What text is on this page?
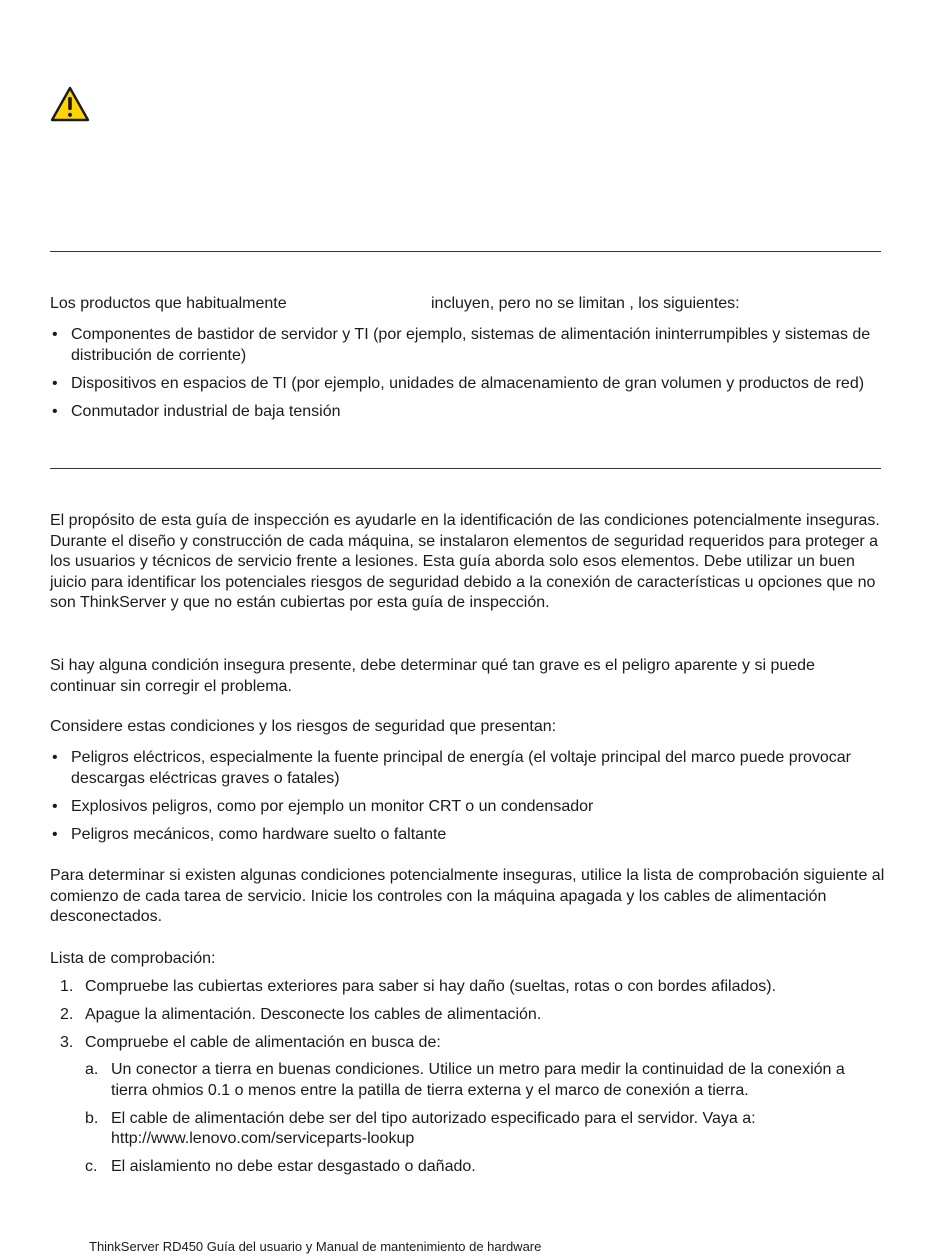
Los productos que habitualmente	incluyen, pero no se limitan , los siguientes:
• Componentes de bastidor de servidor y TI (por ejemplo, sistemas de alimentación ininterrumpibles y sistemas de distribución de corriente)
• Dispositivos en espacios de TI (por ejemplo, unidades de almacenamiento de gran volumen y productos de red)
• Conmutador industrial de baja tensión
El propósito de esta guía de inspección es ayudarle en la identificación de las condiciones potencialmente inseguras. Durante el diseño y construcción de cada máquina, se instalaron elementos de seguridad requeridos para proteger a los usuarios y técnicos de servicio frente a lesiones. Esta guía aborda solo esos elementos. Debe utilizar un buen juicio para identificar los potenciales riesgos de seguridad debido a la conexión de características u opciones que no son ThinkServer y que no están cubiertas por esta guía de inspección.
Si hay alguna condición insegura presente, debe determinar qué tan grave es el peligro aparente y si puede continuar sin corregir el problema.
Considere estas condiciones y los riesgos de seguridad que presentan:
• Peligros eléctricos, especialmente la fuente principal de energía (el voltaje principal del marco puede provocar descargas eléctricas graves o fatales)
• Explosivos peligros, como por ejemplo un monitor CRT o un condensador
• Peligros mecánicos, como hardware suelto o faltante
Para determinar si existen algunas condiciones potencialmente inseguras, utilice la lista de comprobación siguiente al comienzo de cada tarea de servicio. Inicie los controles con la máquina apagada y los cables de alimentación desconectados.
Lista de comprobación:
1. Compruebe las cubiertas exteriores para saber si hay daño (sueltas, rotas o con bordes afilados).
2. Apague la alimentación. Desconecte los cables de alimentación.
3. Compruebe el cable de alimentación en busca de:
a. Un conector a tierra en buenas condiciones. Utilice un metro para medir la continuidad de la conexión a tierra ohmios 0.1 o menos entre la patilla de tierra externa y el marco de conexión a tierra.
b. El cable de alimentación debe ser del tipo autorizado especificado para el servidor. Vaya a: http://www.lenovo.com/serviceparts-lookup
c. El aislamiento no debe estar desgastado o dañado.
ThinkServer RD450 Guía del usuario y Manual de mantenimiento de hardware
